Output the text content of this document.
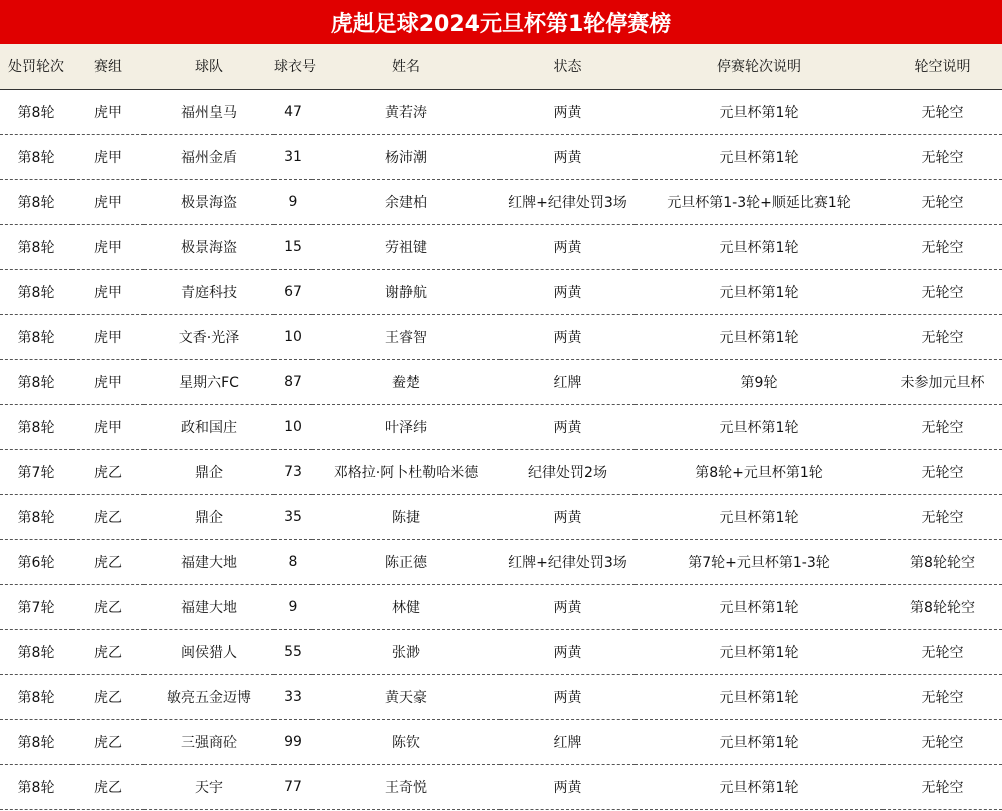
虎赳足球2024元旦杯第1轮停赛榜
处罚轮次	赛组	球队	球衣号	姓名	状态	停赛轮次说明	轮空说明
第8轮	虎甲	福州皇马	47	黄若涛	两黄	元旦杯第1轮	无轮空
第8轮	虎甲	福州金盾	31	杨沛潮	两黄	元旦杯第1轮	无轮空
第8轮	虎甲	极景海盗	9	余建柏	红牌+纪律处罚3场	元旦杯第1-3轮+顺延比赛1轮	无轮空
第8轮	虎甲	极景海盗	15	劳祖键	两黄	元旦杯第1轮	无轮空
第8轮	虎甲	青庭科技	67	谢静航	两黄	元旦杯第1轮	无轮空
第8轮	虎甲	文香·光泽	10	王睿智	两黄	元旦杯第1轮	无轮空
第8轮	虎甲	星期六FC	87	鲞楚	红牌	第9轮	未参加元旦杯
第8轮	虎甲	政和国庄	10	叶泽纬	两黄	元旦杯第1轮	无轮空
第7轮	虎乙	鼎企	73	邓格拉·阿卜杜勒哈米德	纪律处罚2场	第8轮+元旦杯第1轮	无轮空
第8轮	虎乙	鼎企	35	陈捷	两黄	元旦杯第1轮	无轮空
第6轮	虎乙	福建大地	8	陈正德	红牌+纪律处罚3场	第7轮+元旦杯第1-3轮	第8轮轮空
第7轮	虎乙	福建大地	9	林健	两黄	元旦杯第1轮	第8轮轮空
第8轮	虎乙	闽侯猎人	55	张渺	两黄	元旦杯第1轮	无轮空
第8轮	虎乙	敏亮五金迈博	33	黄天豪	两黄	元旦杯第1轮	无轮空
第8轮	虎乙	三强商砼	99	陈钦	红牌	元旦杯第1轮	无轮空
第8轮	虎乙	天宇	77	王奇悦	两黄	元旦杯第1轮	无轮空
